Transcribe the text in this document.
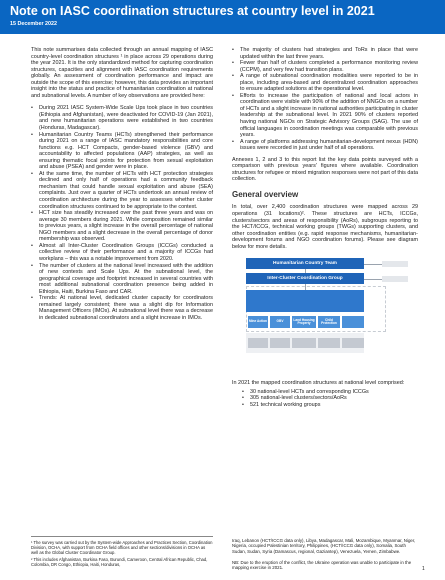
Note on IASC coordination structures at country level in 2021
15 December 2022

This note summarises data collected through an annual mapping of IASC country-level coordination structures ¹ in place across 29 operations during the year 2021. It is the only standardized method for capturing coordination structures, capacities and alignment with IASC coordination requirements globally. An assessment of coordination performance and impact are outside the scope of this exercise; however, this data provides an important insight into the status and practice of humanitarian coordination at national and subnational levels. A number of key observations are provided here:

• During 2021 IASC System-Wide Scale Ups took place in two countries (Ethiopia and Afghanistan), were deactivated for COVID-19 (Jan 2021), and new humanitarian operations were established in two countries (Honduras, Madagascar).
• Humanitarian Country Teams (HCTs) strengthened their performance during 2021 on a range of IASC mandatory responsibilities and core functions e.g. HCT Compacts, gender-based violence (GBV) and accountability to affected populations (AAP) strategies, as well as ensuring thematic focal points for protection from sexual exploitation and abuse (PSEA) and gender were in place.
• At the same time, the number of HCTs with HCT protection strategies declined and only half of operations had a community feedback mechanism that could handle sexual exploitation and abuse (SEA) complaints. Just over a quarter of HCTs undertook an annual review of coordination architecture during the year to assesses whether cluster coordination structures continued to be appropriate to the context.
• HCT size has steadily increased over the past three years and was on average 30 members during 2021. While composition remained similar to previous years, a slight increase in the overall percentage of national NGO members and a slight decrease in the overall percentage of donor membership was observed.
• Almost all Inter-Cluster Coordination Groups (ICCGs) conducted a collective review of their performance and a majority of ICCGs had workplans – this was a notable improvement from 2020.
• The number of clusters at the national level increased with the addition of new contexts and Scale Ups. At the subnational level, the geographical coverage and footprint increased in several countries with most additional subnational coordination presence being added in Ethiopia, Haiti, Burkina Faso and CAR.
• Trends: At national level, dedicated cluster capacity for coordinators remained largely consistent; there was a slight dip for Information Management Officers (IMOs). At subnational level there was a decrease in dedicated subnational coordinators and a slight increase in IMOs.
• The majority of clusters had strategies and ToRs in place that were updated within the last three years.
• Fewer than half of clusters completed a performance monitoring review (CCPM), and very few had transition plans.
• A range of subnational coordination modalities were reported to be in place, including area-based and decentralized coordination approaches to ensure adapted solutions at the operational level.
• Efforts to increase the participation of national and local actors in coordination were visible with 90% of the addition of NNGOs on a number of HCTs and a slight increase in national authorities participating in cluster leadership at the subnational level. In 2021 90% of clusters reported having national NGOs on Strategic Advisory Groups (SAG). The use of official languages in coordination meetings was comparable with previous years.
• A range of platforms addressing humanitarian-development nexus (HDN) issues were recorded in just under half of all operations.

Annexes 1, 2 and 3 to this report list the key data points surveyed with a comparison with previous years' figures where available. Coordination structures for refugee or mixed migration responses were not part of this data collection.

General overview

In total, over 2,400 coordination structures were mapped across 29 operations (31 locations)². These structures are HCTs, ICCGs, clusters/sectors and areas of responsibility (AoRs), subgroups reporting to the HCT/ICCG, technical working groups (TWGs) supporting clusters, and other coordination entities (e.g. rapid response mechanisms, humanitarian-development forums and NGO coordination forums). Please see diagram below for more details.

Humanitarian Country Team
Inter-Cluster Coordination Group
Mine Action	GBV	Land Housing Property
Child Protection

In 2021 the mapped coordination structures at national level comprised:

• 30 national-level HCTs and corresponding ICCGs
• 305 national-level clusters/sectors/AoRs
• 521 technical working groups

¹ The survey was carried out by the System-wide Approaches and Practices Section, Coordination Division, OCHA, with support from OCHA field offices and other sections/divisions in OCHA as well as the Global Cluster Coordinator Group.

² This includes Afghanistan, Burkina Faso, Burundi, Cameroon, Central African Republic, Chad, Colombia, DR Congo, Ethiopia, Haiti, Honduras,

Iraq, Lebanon (HCT/ICCG data only), Libya, Madagascar, Mali, Mozambique, Myanmar, Niger, Nigeria, occupied Palestinian territory, Philippines, (HCT/ICCG data only), Somalia, South Sudan, Sudan, Syria (Damascus, regional, Gaziantep), Venezuela, Yemen, Zimbabwe.

NB: Due to the eruption of the conflict, the Ukraine operation was unable to participate in the mapping exercise in 2021.	1
